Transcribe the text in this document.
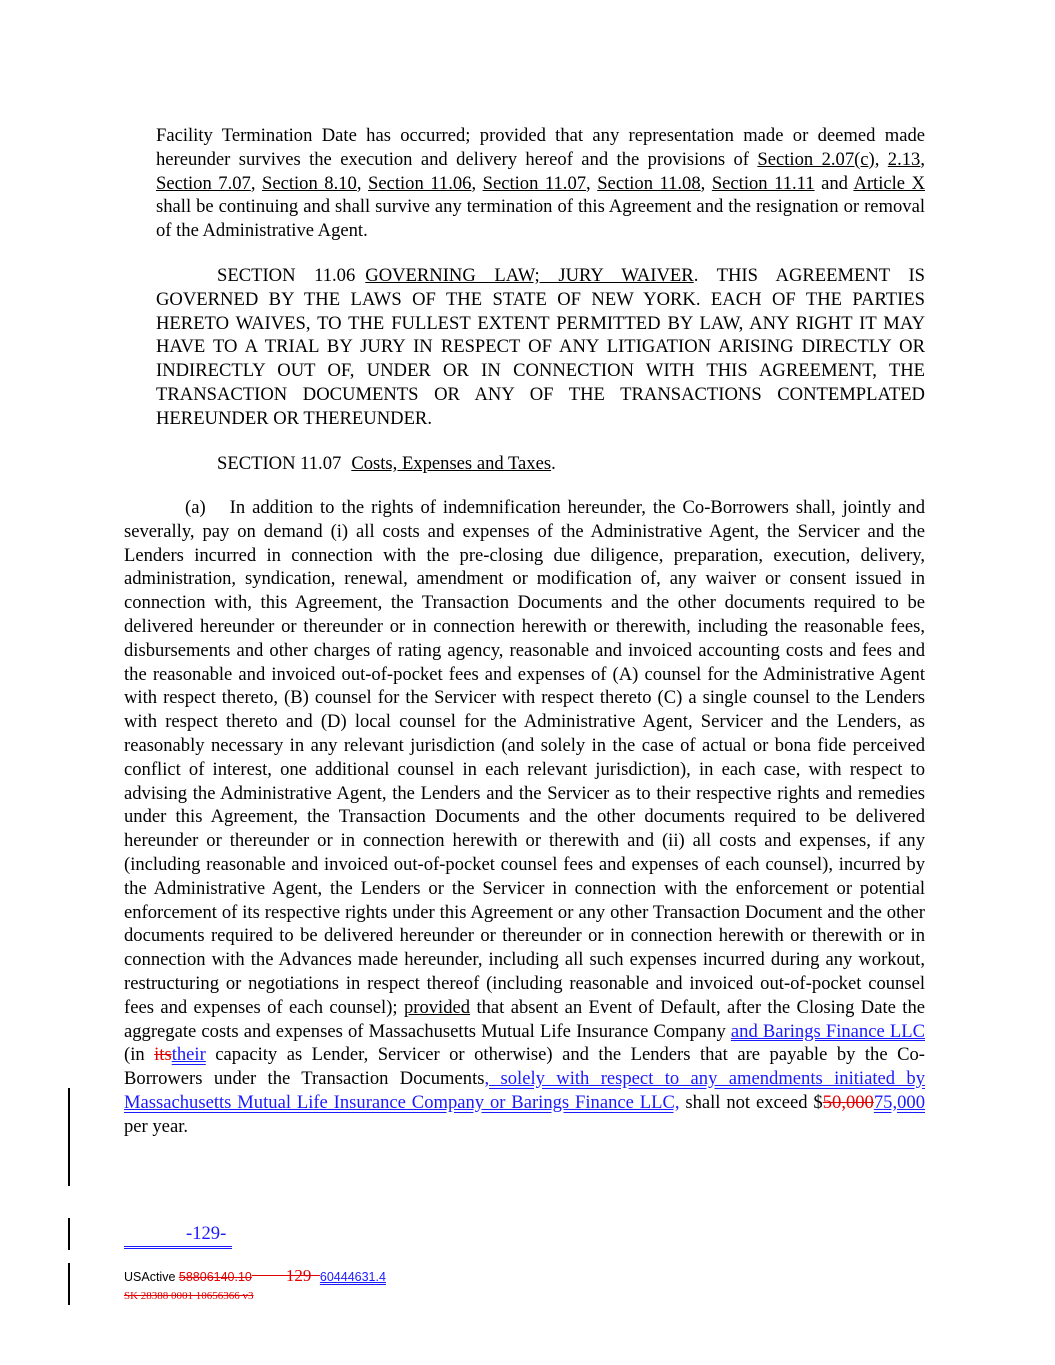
Facility Termination Date has occurred; provided that any representation made or deemed made hereunder survives the execution and delivery hereof and the provisions of Section 2.07(c), 2.13, Section 7.07, Section 8.10, Section 11.06, Section 11.07, Section 11.08, Section 11.11 and Article X shall be continuing and shall survive any termination of this Agreement and the resignation or removal of the Administrative Agent.

SECTION 11.06 GOVERNING LAW; JURY WAIVER. THIS AGREEMENT IS GOVERNED BY THE LAWS OF THE STATE OF NEW YORK. EACH OF THE PARTIES HERETO WAIVES, TO THE FULLEST EXTENT PERMITTED BY LAW, ANY RIGHT IT MAY HAVE TO A TRIAL BY JURY IN RESPECT OF ANY LITIGATION ARISING DIRECTLY OR INDIRECTLY OUT OF, UNDER OR IN CONNECTION WITH THIS AGREEMENT, THE TRANSACTION DOCUMENTS OR ANY OF THE TRANSACTIONS CONTEMPLATED HEREUNDER OR THEREUNDER.

SECTION 11.07 Costs, Expenses and Taxes.

(a) In addition to the rights of indemnification hereunder, the Co-Borrowers shall, jointly and severally, pay on demand (i) all costs and expenses of the Administrative Agent, the Servicer and the Lenders incurred in connection with the pre-closing due diligence, preparation, execution, delivery, administration, syndication, renewal, amendment or modification of, any waiver or consent issued in connection with, this Agreement, the Transaction Documents and the other documents required to be delivered hereunder or thereunder or in connection herewith or therewith, including the reasonable fees, disbursements and other charges of rating agency, reasonable and invoiced accounting costs and fees and the reasonable and invoiced out-of-pocket fees and expenses of (A) counsel for the Administrative Agent with respect thereto, (B) counsel for the Servicer with respect thereto (C) a single counsel to the Lenders with respect thereto and (D) local counsel for the Administrative Agent, Servicer and the Lenders, as reasonably necessary in any relevant jurisdiction (and solely in the case of actual or bona fide perceived conflict of interest, one additional counsel in each relevant jurisdiction), in each case, with respect to advising the Administrative Agent, the Lenders and the Servicer as to their respective rights and remedies under this Agreement, the Transaction Documents and the other documents required to be delivered hereunder or thereunder or in connection herewith or therewith and (ii) all costs and expenses, if any (including reasonable and invoiced out-of-pocket counsel fees and expenses of each counsel), incurred by the Administrative Agent, the Lenders or the Servicer in connection with the enforcement or potential enforcement of its respective rights under this Agreement or any other Transaction Document and the other documents required to be delivered hereunder or thereunder or in connection herewith or therewith or in connection with the Advances made hereunder, including all such expenses incurred during any workout, restructuring or negotiations in respect thereof (including reasonable and invoiced out-of-pocket counsel fees and expenses of each counsel); provided that absent an Event of Default, after the Closing Date the aggregate costs and expenses of Massachusetts Mutual Life Insurance Company and Barings Finance LLC (in itstheir capacity as Lender, Servicer or otherwise) and the Lenders that are payable by the Co-Borrowers under the Transaction Documents, solely with respect to any amendments initiated by Massachusetts Mutual Life Insurance Company or Barings Finance LLC, shall not exceed $50,00075,000 per year.

-129-
USActive 58806140.10   129  60444631.4
SK 28388 0001 10656366 v3
